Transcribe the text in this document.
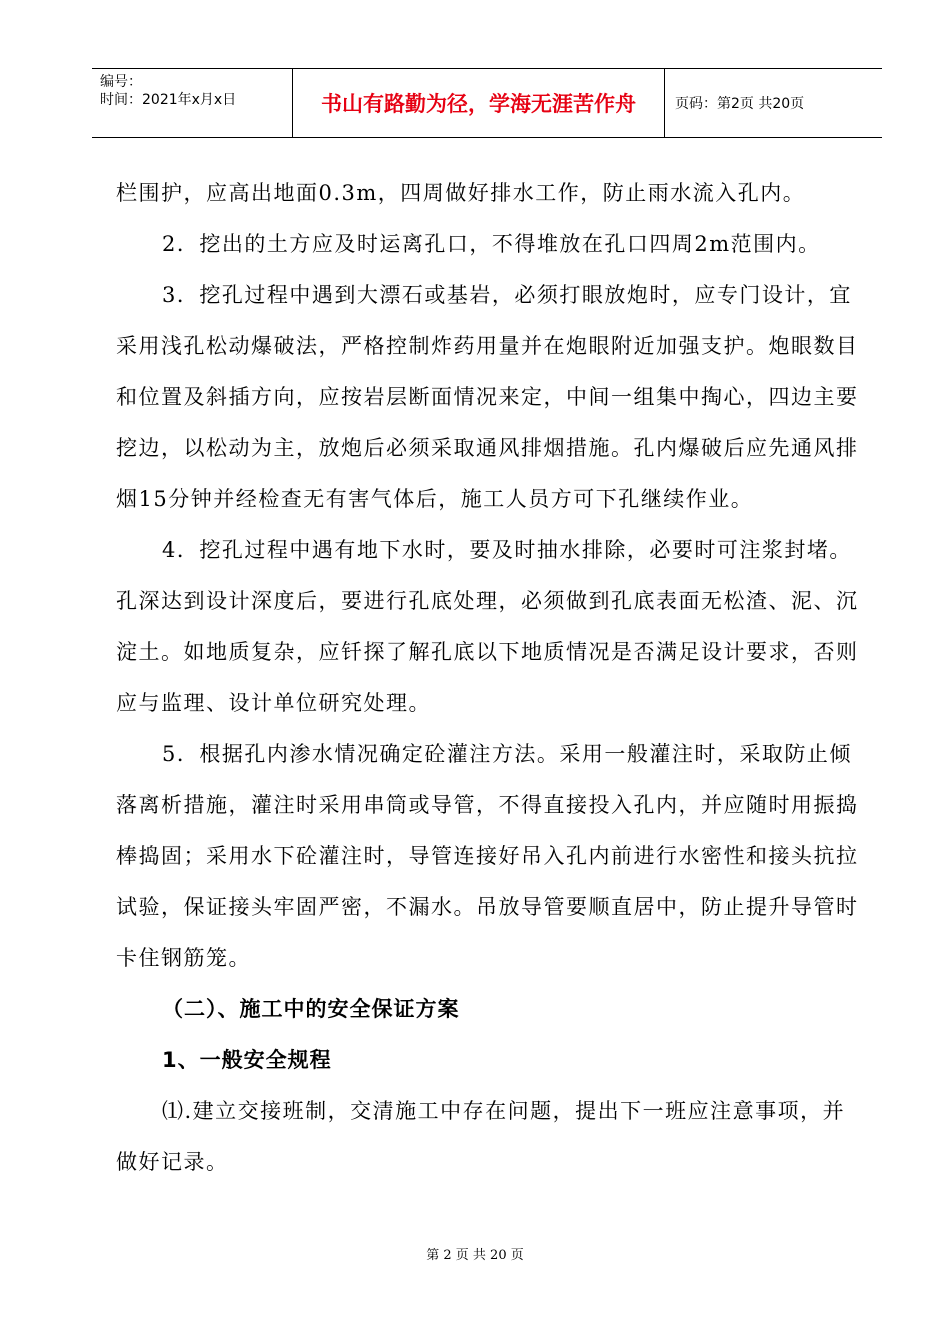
编号：
时间：2021年x月x日	书山有路勤为径，学海无涯苦作舟	页码：第2页 共20页

栏围护，应高出地面0.3m，四周做好排水工作，防止雨水流入孔内。

2．挖出的土方应及时运离孔口，不得堆放在孔口四周2m范围内。

3．挖孔过程中遇到大漂石或基岩，必须打眼放炮时，应专门设计，宜采用浅孔松动爆破法，严格控制炸药用量并在炮眼附近加强支护。炮眼数目和位置及斜插方向，应按岩层断面情况来定，中间一组集中掏心，四边主要挖边，以松动为主，放炮后必须采取通风排烟措施。孔内爆破后应先通风排烟15分钟并经检查无有害气体后，施工人员方可下孔继续作业。

4．挖孔过程中遇有地下水时，要及时抽水排除，必要时可注浆封堵。孔深达到设计深度后，要进行孔底处理，必须做到孔底表面无松渣、泥、沉淀土。如地质复杂，应钎探了解孔底以下地质情况是否满足设计要求，否则应与监理、设计单位研究处理。

5．根据孔内渗水情况确定砼灌注方法。采用一般灌注时，采取防止倾落离析措施，灌注时采用串筒或导管，不得直接投入孔内，并应随时用振捣棒捣固；采用水下砼灌注时，导管连接好吊入孔内前进行水密性和接头抗拉试验，保证接头牢固严密，不漏水。吊放导管要顺直居中，防止提升导管时卡住钢筋笼。

（二）、施工中的安全保证方案

1、一般安全规程

⑴.建立交接班制，交清施工中存在问题，提出下一班应注意事项，并做好记录。

第 2 页 共 20 页
